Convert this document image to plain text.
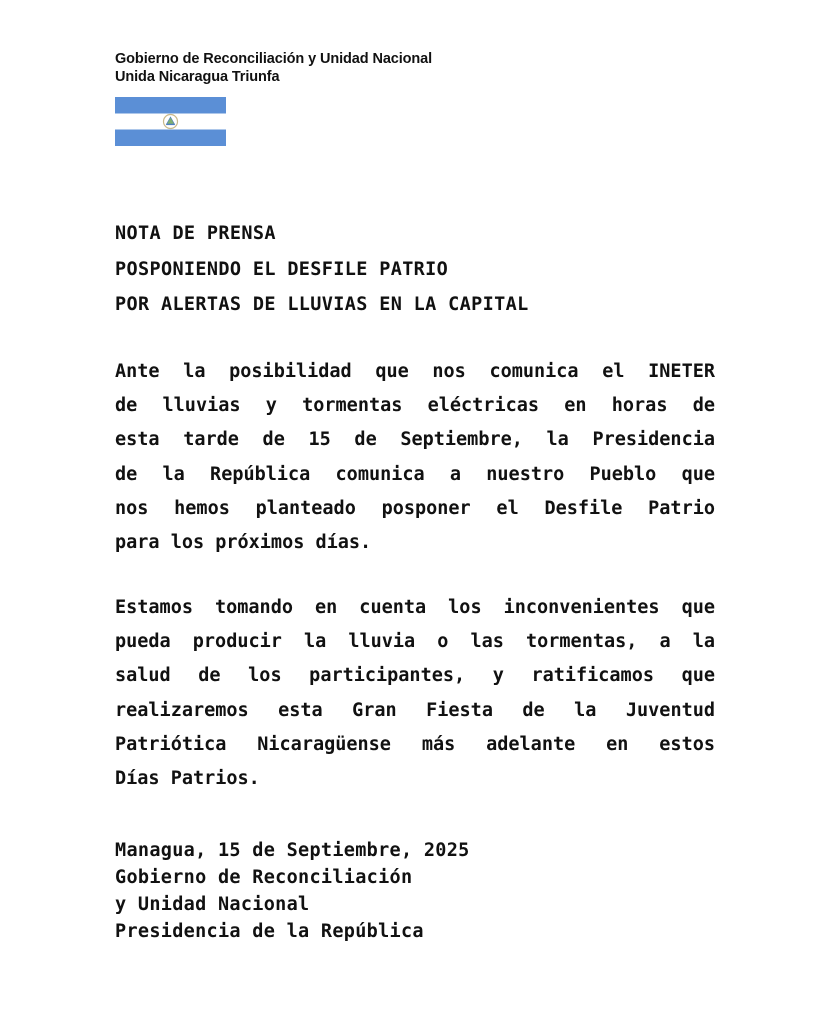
Gobierno de Reconciliación y Unidad Nacional
Unida Nicaragua Triunfa
NOTA DE PRENSA
POSPONIENDO EL DESFILE PATRIO
POR ALERTAS DE LLUVIAS EN LA CAPITAL
Ante la posibilidad que nos comunica el INETER
de lluvias y tormentas eléctricas en horas de
esta tarde de 15 de Septiembre, la Presidencia
de la República comunica a nuestro Pueblo que
nos hemos planteado posponer el Desfile Patrio
para los próximos días.
Estamos tomando en cuenta los inconvenientes que
pueda producir la lluvia o las tormentas, a la
salud de los participantes, y ratificamos que
realizaremos esta Gran Fiesta de la Juventud
Patriótica Nicaragüense más adelante en estos
Días Patrios.
Managua, 15 de Septiembre, 2025
Gobierno de Reconciliación
y Unidad Nacional
Presidencia de la República
